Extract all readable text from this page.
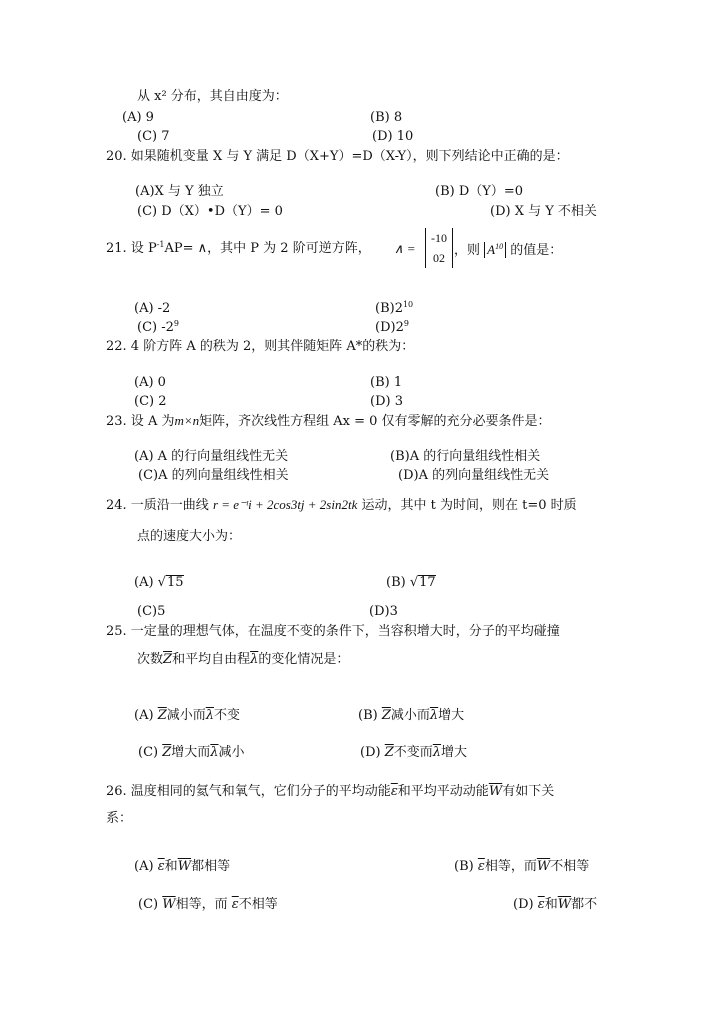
从 x² 分布，其自由度为：
(A) 9	(B) 8
(C) 7	(D) 10
20. 如果随机变量 X 与 Y 满足 D（X+Y）=D（X-Y），则下列结论中正确的是：
(A)X 与 Y 独立	(B) D（Y）=0
(C) D（X）•D（Y）= 0	(D) X 与 Y 不相关
21. 设 $P^{-1}AP=$ ∧，其中 P 为 2 阶可逆方阵， ∧ =
-10
02 ，则 $A^{10}$ 的值是：
(A) -2	$(B)2^{10}$
(C) $-2^9$	$(D)2^9$
22. 4 阶方阵 A 的秩为 2，则其伴随矩阵 A*的秩为：
(A) 0	(B) 1
(C) 2	(D) 3
23. 设 A 为m×n矩阵，齐次线性方程组 Ax = 0 仅有零解的充分必要条件是：
(A) A 的行向量组线性无关	(B)A 的行向量组线性相关
(C)A 的列向量组线性相关	(D)A 的列向量组线性无关
24. 一质沿一曲线 r = e⁻ᵗi + 2cos3tj + 2sin2tk 运动，其中 t 为时间，则在 t=0 时质
点的速度大小为：
(A) √15	(B) √17
(C)5	(D)3
25. 一定量的理想气体，在温度不变的条件下，当容积增大时，分子的平均碰撞
次数$\overline{Z}$和平均自由程$\overline{\lambda}$的变化情况是：
(A) $\overline{Z}$减小而$\overline{\lambda}$不变	(B) $\overline{Z}$减小而$\overline{\lambda}$增大
(C) $\overline{Z}$增大而$\overline{\lambda}$减小	(D) $\overline{Z}$不变而$\overline{\lambda}$增大
26. 温度相同的氦气和氧气，它们分子的平均动能$\overline{\varepsilon}$和平均平动动能$\overline{W}$有如下关
系：
(A) $\overline{\varepsilon}$和$\overline{W}$都相等	(B) $\overline{\varepsilon}$相等，而$\overline{W}$不相等
(C) $\overline{W}$相等，而 $\overline{\varepsilon}$不相等	(D) $\overline{\varepsilon}$和$\overline{W}$都不
